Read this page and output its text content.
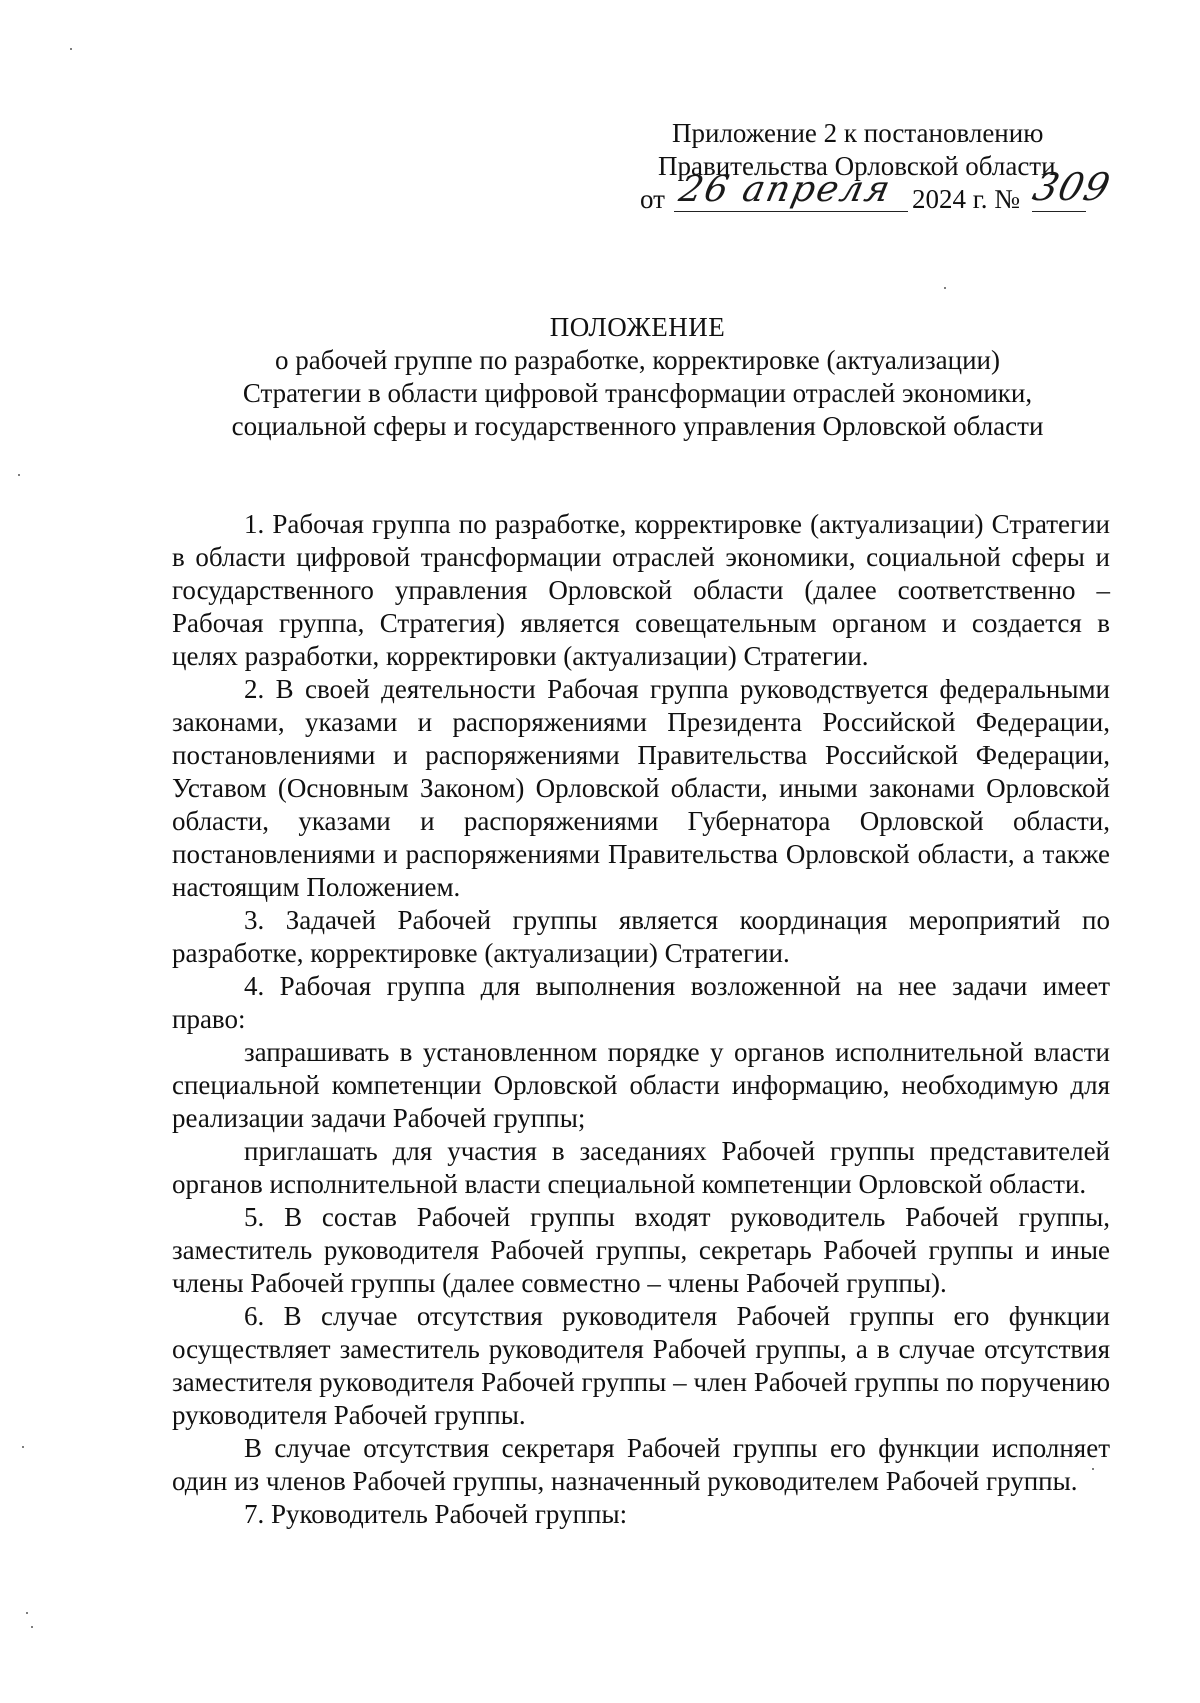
Приложение 2 к постановлению
Правительства Орловской области
от 26 апреля 2024 г. № 309
ПОЛОЖЕНИЕ
о рабочей группе по разработке, корректировке (актуализации)
Стратегии в области цифровой трансформации отраслей экономики,
социальной сферы и государственного управления Орловской области

1. Рабочая группа по разработке, корректировке (актуализации) Стратегии в области цифровой трансформации отраслей экономики, социальной сферы и государственного управления Орловской области (далее соответственно – Рабочая группа, Стратегия) является совещательным органом и создается в целях разработки, корректировки (актуализации) Стратегии.

2. В своей деятельности Рабочая группа руководствуется федеральными законами, указами и распоряжениями Президента Российской Федерации, постановлениями и распоряжениями Правительства Российской Федерации, Уставом (Основным Законом) Орловской области, иными законами Орловской области, указами и распоряжениями Губернатора Орловской области, постановлениями и распоряжениями Правительства Орловской области, а также настоящим Положением.

3. Задачей Рабочей группы является координация мероприятий по разработке, корректировке (актуализации) Стратегии.

4. Рабочая группа для выполнения возложенной на нее задачи имеет право:

запрашивать в установленном порядке у органов исполнительной власти специальной компетенции Орловской области информацию, необходимую для реализации задачи Рабочей группы;

приглашать для участия в заседаниях Рабочей группы представителей органов исполнительной власти специальной компетенции Орловской области.

5. В состав Рабочей группы входят руководитель Рабочей группы, заместитель руководителя Рабочей группы, секретарь Рабочей группы и иные члены Рабочей группы (далее совместно – члены Рабочей группы).

6. В случае отсутствия руководителя Рабочей группы его функции осуществляет заместитель руководителя Рабочей группы, а в случае отсутствия заместителя руководителя Рабочей группы – член Рабочей группы по поручению руководителя Рабочей группы.

В случае отсутствия секретаря Рабочей группы его функции исполняет один из членов Рабочей группы, назначенный руководителем Рабочей группы.

7. Руководитель Рабочей группы:
